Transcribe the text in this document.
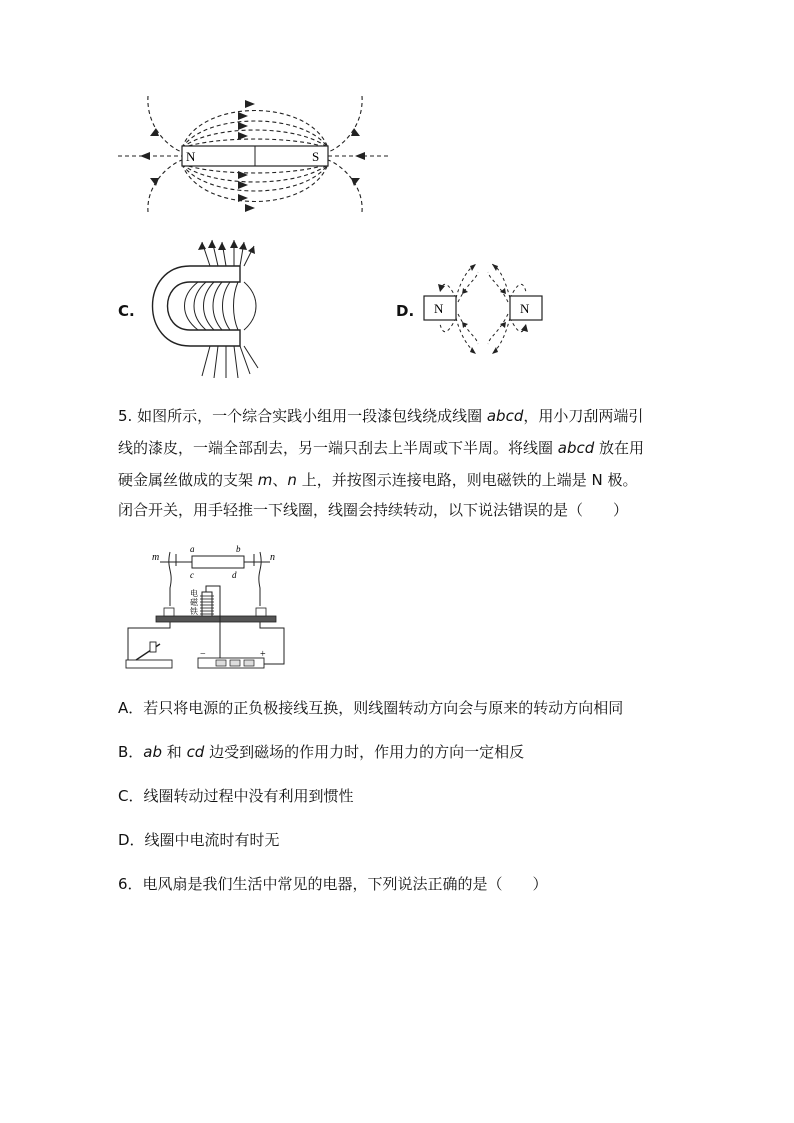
N	S
C.	D. N	N
5. 如图所示，一个综合实践小组用一段漆包线绕成线圈 abcd，用小刀刮两端引
线的漆皮，一端全部刮去，另一端只刮去上半周或下半周。将线圈 abcd 放在用
硬金属丝做成的支架 m、n 上，并按图示连接电路，则电磁铁的上端是 N 极。
闭合开关，用手轻推一下线圈，线圈会持续转动，以下说法错误的是（　　）
m	n
a	b
c	d
电
磁
铁
−	+
A．若只将电源的正负极接线互换，则线圈转动方向会与原来的转动方向相同
B．ab 和 cd 边受到磁场的作用力时，作用力的方向一定相反
C．线圈转动过程中没有利用到惯性
D．线圈中电流时有时无
6．电风扇是我们生活中常见的电器，下列说法正确的是（　　）
